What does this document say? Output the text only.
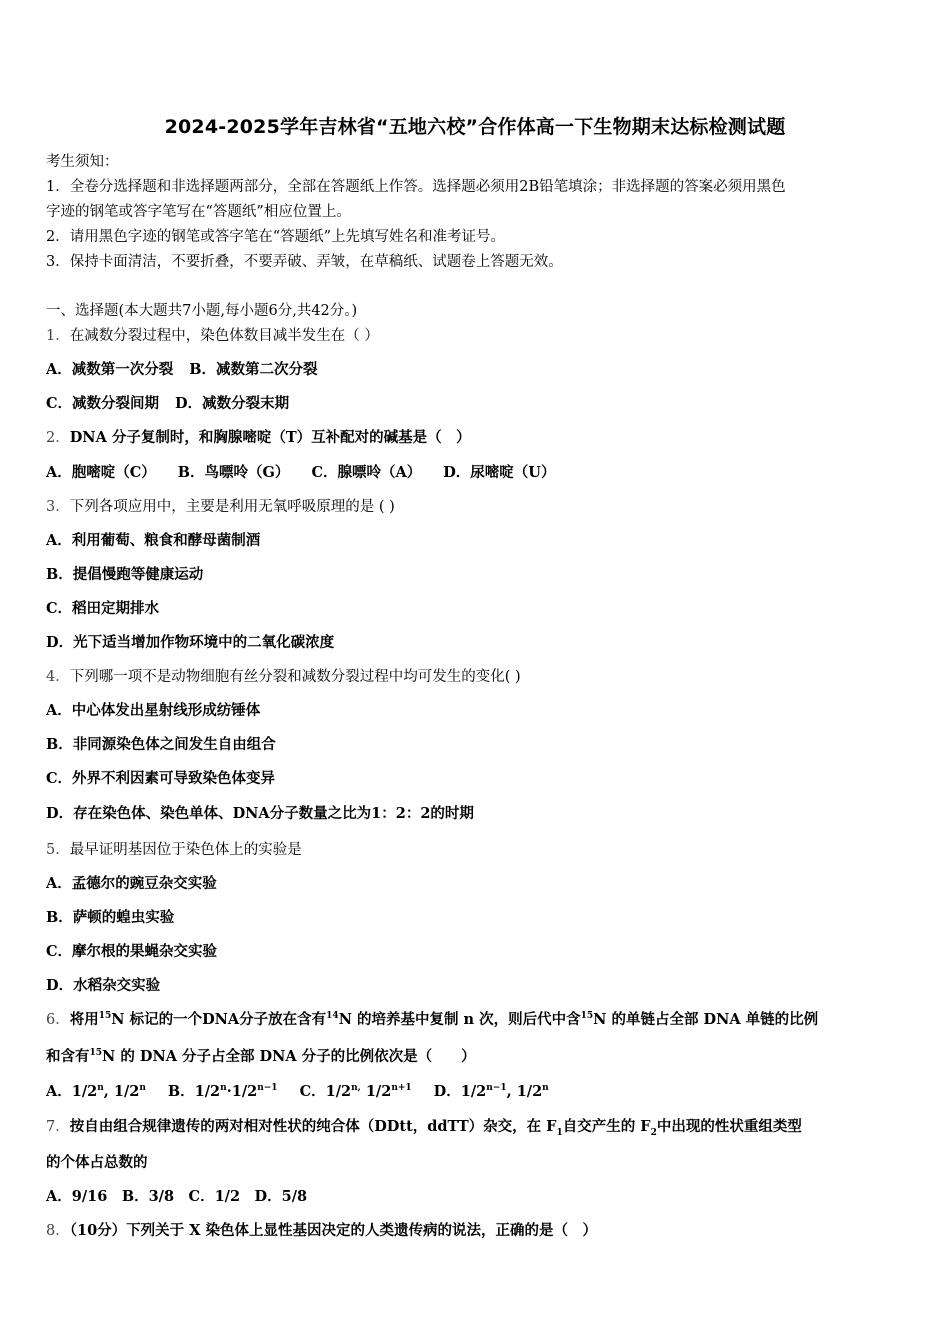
2024-2025学年吉林省“五地六校”合作体高一下生物期末达标检测试题
考生须知：
1．全卷分选择题和非选择题两部分，全部在答题纸上作答。选择题必须用2B铅笔填涂；非选择题的答案必须用黑色
字迹的钢笔或答字笔写在“答题纸”相应位置上。
2．请用黑色字迹的钢笔或答字笔在“答题纸”上先填写姓名和准考证号。
3．保持卡面清洁，不要折叠，不要弄破、弄皱，在草稿纸、试题卷上答题无效。
一、选择题(本大题共7小题,每小题6分,共42分。)
1．在减数分裂过程中，染色体数目减半发生在（ ）
A．减数第一次分裂 B．减数第二次分裂
C．减数分裂间期 D．减数分裂末期
2．DNA 分子复制时，和胸腺嘧啶（T）互补配对的碱基是（　）
A．胞嘧啶（C） B．鸟嘌呤（G） C．腺嘌呤（A） D．尿嘧啶（U）
3．下列各项应用中，主要是利用无氧呼吸原理的是 ( )
A．利用葡萄、粮食和酵母菌制酒
B．提倡慢跑等健康运动
C．稻田定期排水
D．光下适当增加作物环境中的二氧化碳浓度
4．下列哪一项不是动物细胞有丝分裂和减数分裂过程中均可发生的变化( )
A．中心体发出星射线形成纺锤体
B．非同源染色体之间发生自由组合
C．外界不利因素可导致染色体变异
D．存在染色体、染色单体、DNA分子数量之比为1：2：2的时期
5．最早证明基因位于染色体上的实验是
A．孟德尔的豌豆杂交实验
B．萨顿的蝗虫实验
C．摩尔根的果蝇杂交实验
D．水稻杂交实验
6．将用$^{15}$N 标记的一个DNA分子放在含有$^{14}$N 的培养基中复制 n 次，则后代中含$^{15}$N 的单链占全部 DNA 单链的比例
和含有$^{15}$N 的 DNA 分子占全部 DNA 分子的比例依次是（　　）
A．1/2$^n$, 1/2$^n$ B．$1/2^n\cdot 1/2^{n-1}$ C．$1/2^{n,}$ $1/2^{n+1}$ D．$1/2^{n-1}$, 1/2$^n$
7．按自由组合规律遗传的两对相对性状的纯合体（DDtt，ddTT）杂交，在 $F_1$自交产生的 $F_2$中出现的性状重组类型
的个体占总数的
A．9/16　B．3/8　C．1/2　D．5/8
8．（10分）下列关于 X 染色体上显性基因决定的人类遗传病的说法，正确的是（　）
